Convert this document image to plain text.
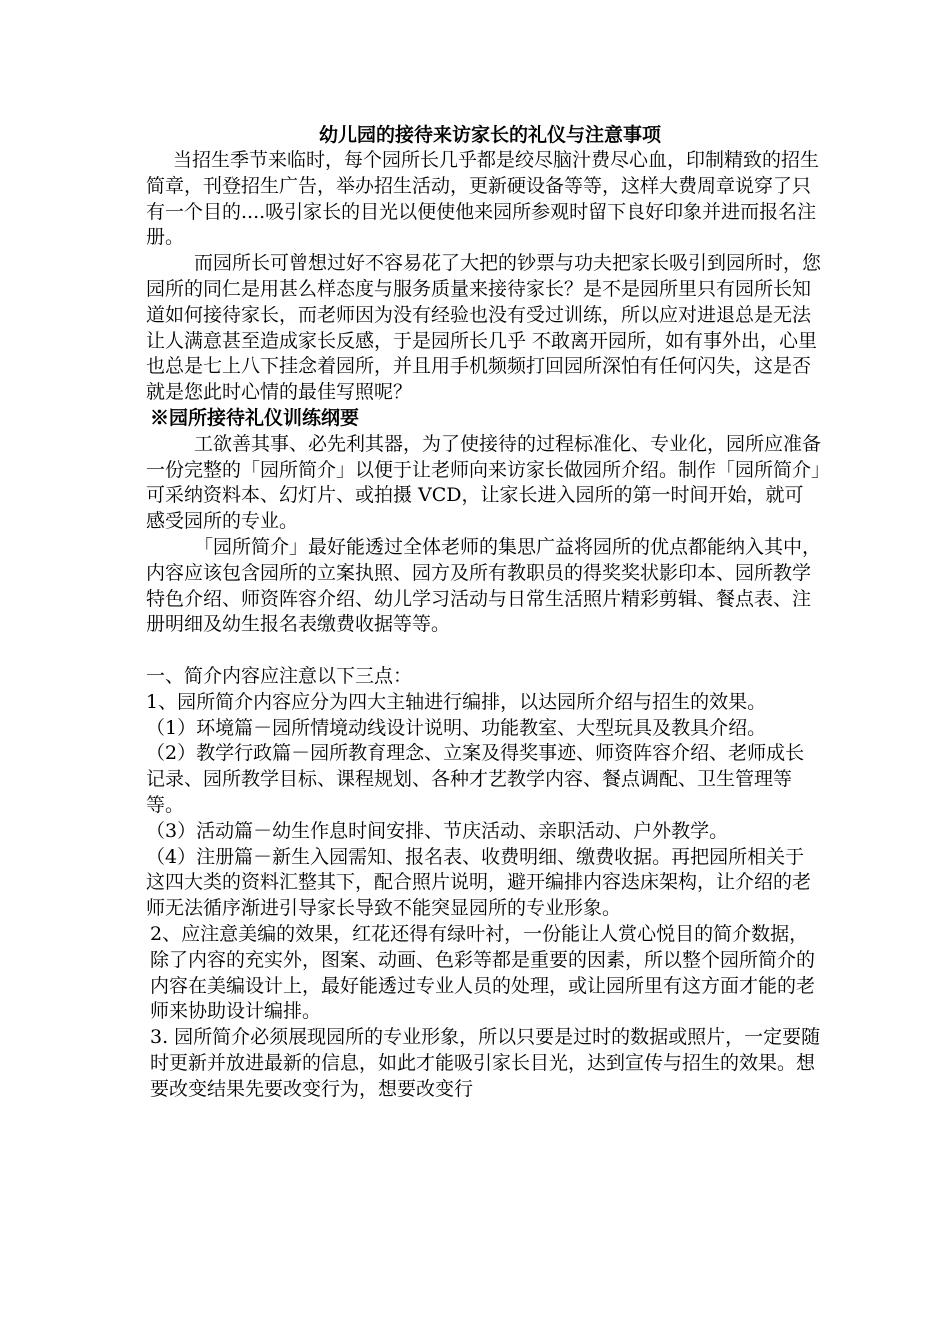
幼儿园的接待来访家长的礼仪与注意事项

当招生季节来临时，每个园所长几乎都是绞尽脑汁费尽心血，印制精致的招生简章，刊登招生广告，举办招生活动，更新硬设备等等，这样大费周章说穿了只有一个目的....吸引家长的目光以便使他来园所参观时留下良好印象并进而报名注册。

而园所长可曾想过好不容易花了大把的钞票与功夫把家长吸引到园所时，您园所的同仁是用甚么样态度与服务质量来接待家长？是不是园所里只有园所长知道如何接待家长，而老师因为没有经验也没有受过训练，所以应对进退总是无法让人满意甚至造成家长反感，于是园所长几乎 不敢离开园所，如有事外出，心里也总是七上八下挂念着园所，并且用手机频频打回园所深怕有任何闪失，这是否

就是您此时心情的最佳写照呢？

※园所接待礼仪训练纲要

工欲善其事、必先利其器，为了使接待的过程标准化、专业化，园所应准备一份完整的「园所简介」以便于让老师向来访家长做园所介绍。制作「园所简介」可采纳资料本、幻灯片、或拍摄 VCD，让家长进入园所的第一时间开始，就可感受园所的专业。

「园所简介」最好能透过全体老师的集思广益将园所的优点都能纳入其中，内容应该包含园所的立案执照、园方及所有教职员的得奖奖状影印本、园所教学特色介绍、师资阵容介绍、幼儿学习活动与日常生活照片精彩剪辑、餐点表、注册明细及幼生报名表缴费收据等等。

一、简介内容应注意以下三点：

1、园所简介内容应分为四大主轴进行编排，以达园所介绍与招生的效果。

（1）环境篇－园所情境动线设计说明、功能教室、大型玩具及教具介绍。

（2）教学行政篇－园所教育理念、立案及得奖事迹、师资阵容介绍、老师成长记录、园所教学目标、课程规划、各种才艺教学内容、餐点调配、卫生管理等等。

（3）活动篇－幼生作息时间安排、节庆活动、亲职活动、户外教学。

（4）注册篇－新生入园需知、报名表、收费明细、缴费收据。再把园所相关于这四大类的资料汇整其下，配合照片说明，避开编排内容迭床架构，让介绍的老师无法循序渐进引导家长导致不能突显园所的专业形象。

2、应注意美编的效果，红花还得有绿叶衬，一份能让人赏心悦目的简介数据，除了内容的充实外，图案、动画、色彩等都是重要的因素，所以整个园所简介的内容在美编设计上，最好能透过专业人员的处理，或让园所里有这方面才能的老师来协助设计编排。

3. 园所简介必须展现园所的专业形象，所以只要是过时的数据或照片，一定要随时更新并放进最新的信息，如此才能吸引家长目光，达到宣传与招生的效果。想要改变结果先要改变行为，想要改变行
